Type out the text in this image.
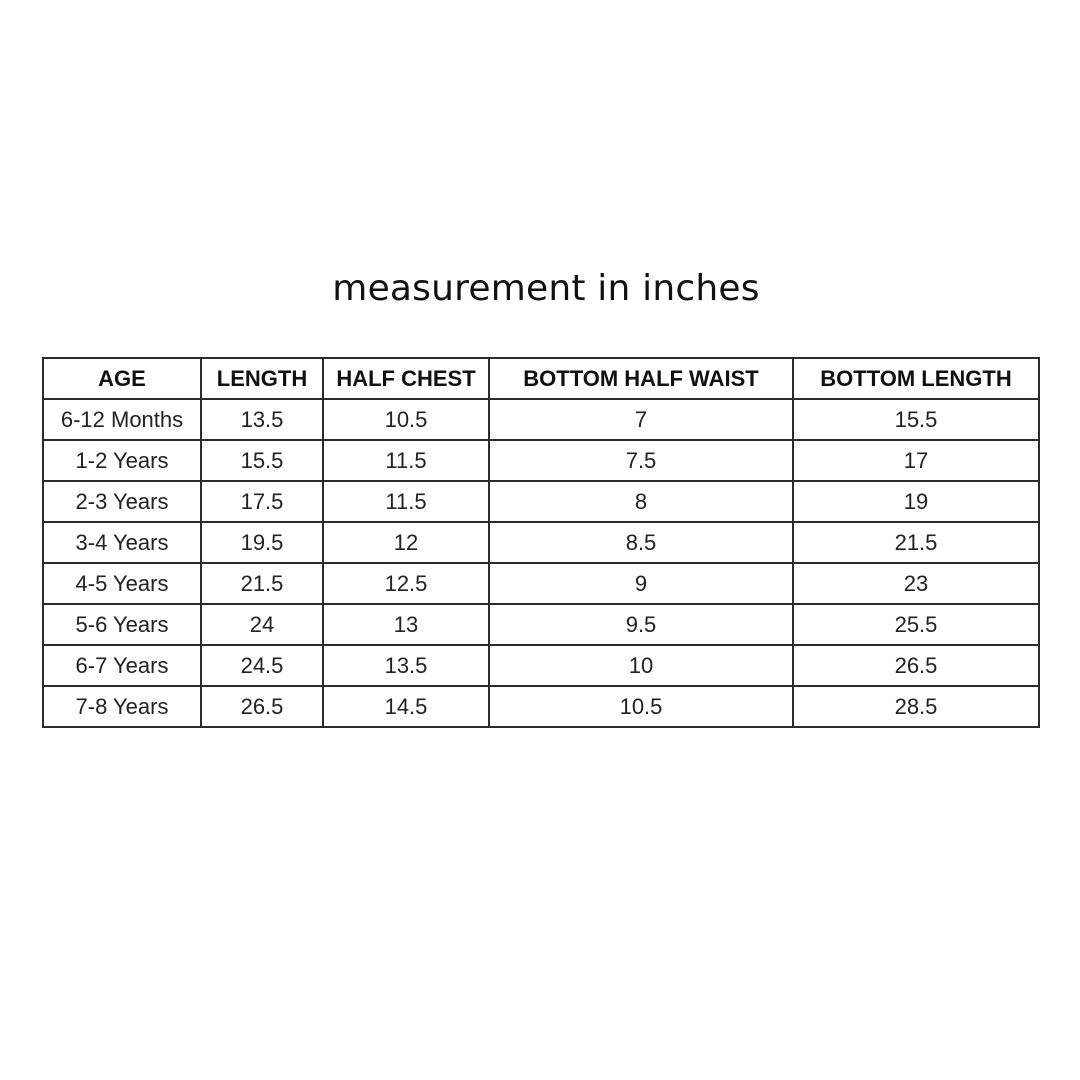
measurement in inches
AGE	LENGTH	HALF CHEST	BOTTOM HALF WAIST	BOTTOM LENGTH
6-12 Months	13.5	10.5	7	15.5
1-2 Years	15.5	11.5	7.5	17
2-3 Years	17.5	11.5	8	19
3-4 Years	19.5	12	8.5	21.5
4-5 Years	21.5	12.5	9	23
5-6 Years	24	13	9.5	25.5
6-7 Years	24.5	13.5	10	26.5
7-8 Years	26.5	14.5	10.5	28.5
